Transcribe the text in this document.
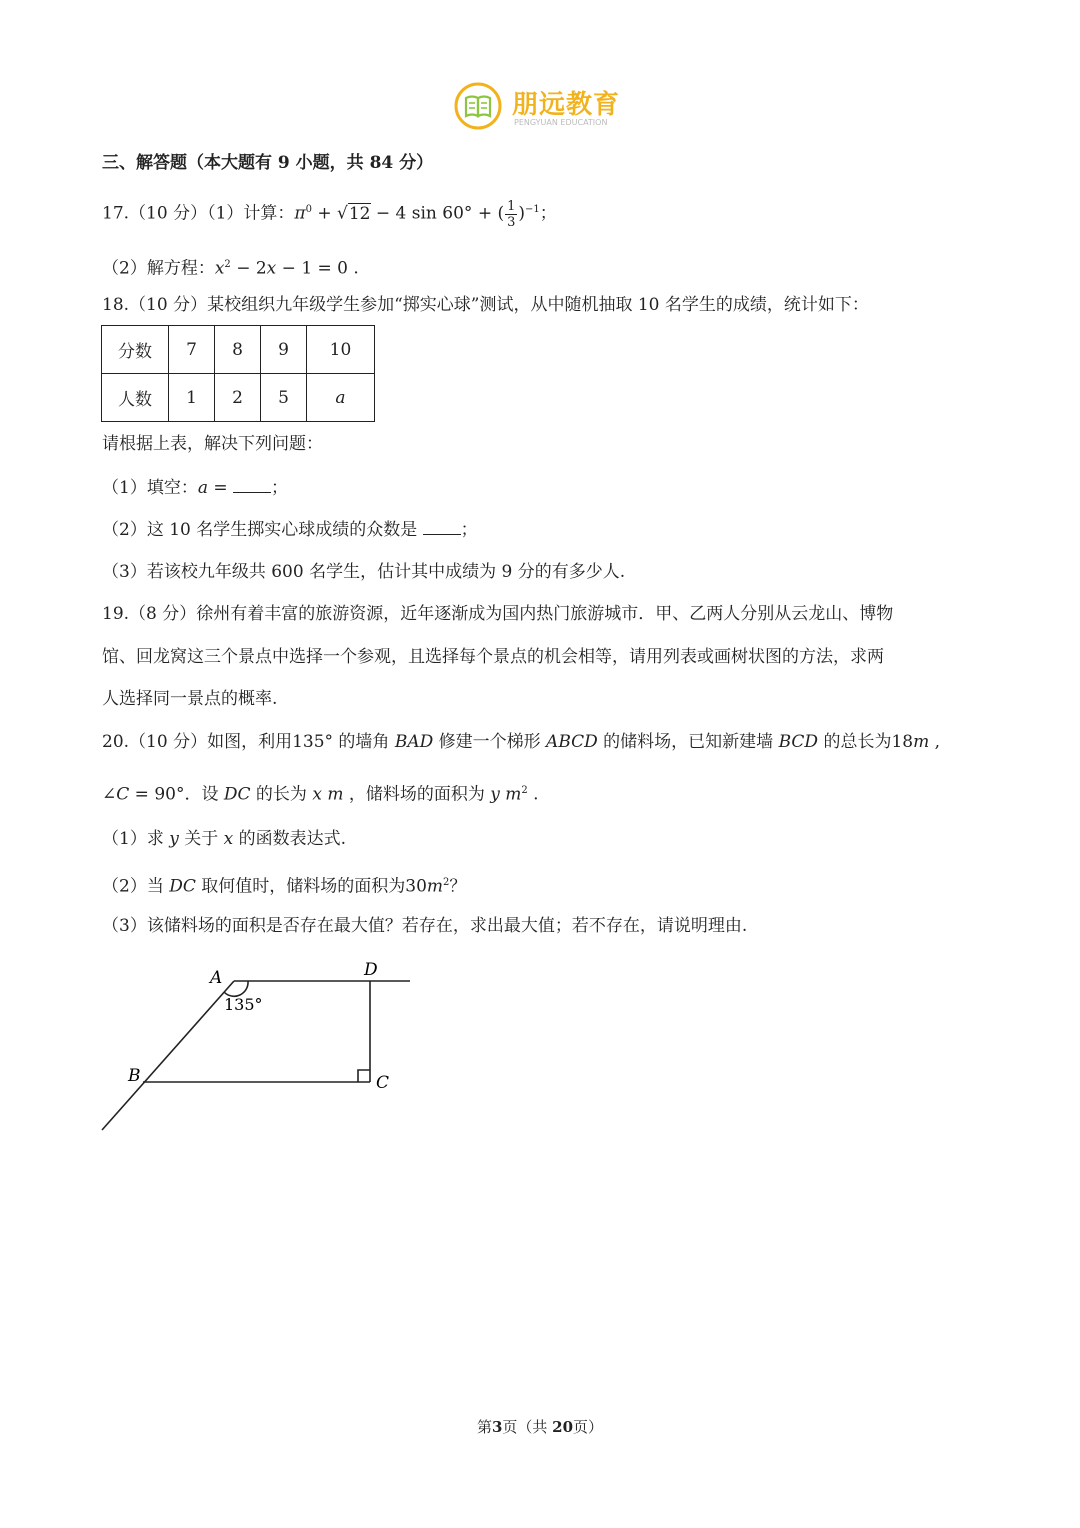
朋远教育
PENGYUAN EDUCATION
三、解答题（本大题有 9 小题，共 84 分）
17.（10 分）（1）计算：$\pi^0 + √12 - 4$ sin 60° + ( $\frac{1}{3} )^{-1}$；
（2）解方程：$x^2 - 2x - 1 = 0$ .
18.（10 分）某校组织九年级学生参加“掷实心球”测试，从中随机抽取 10 名学生的成绩，统计如下：
分数	7	8	9	10
人数	1	2	5	a
请根据上表，解决下列问题：
（1）填空：a = ；
（2）这 10 名学生掷实心球成绩的众数是 ；
（3）若该校九年级共 600 名学生，估计其中成绩为 9 分的有多少人.
19.（8 分）徐州有着丰富的旅游资源，近年逐渐成为国内热门旅游城市．甲、乙两人分别从云龙山、博物
馆、回龙窝这三个景点中选择一个参观，且选择每个景点的机会相等，请用列表或画树状图的方法，求两
人选择同一景点的概率.
20.（10 分）如图，利用135° 的墙角 BAD 修建一个梯形 ABCD 的储料场，已知新建墙 BCD 的总长为18m ,
∠C = 90°．设 DC 的长为 x m ，储料场的面积为 y $m^2$ .
（1）求 y 关于 x 的函数表达式.
（2）当 DC 取何值时，储料场的面积为$30m^2$？
（3）该储料场的面积是否存在最大值？若存在，求出最大值；若不存在，请说明理由.
A	D
B	C
135°
第3页（共 20页）
